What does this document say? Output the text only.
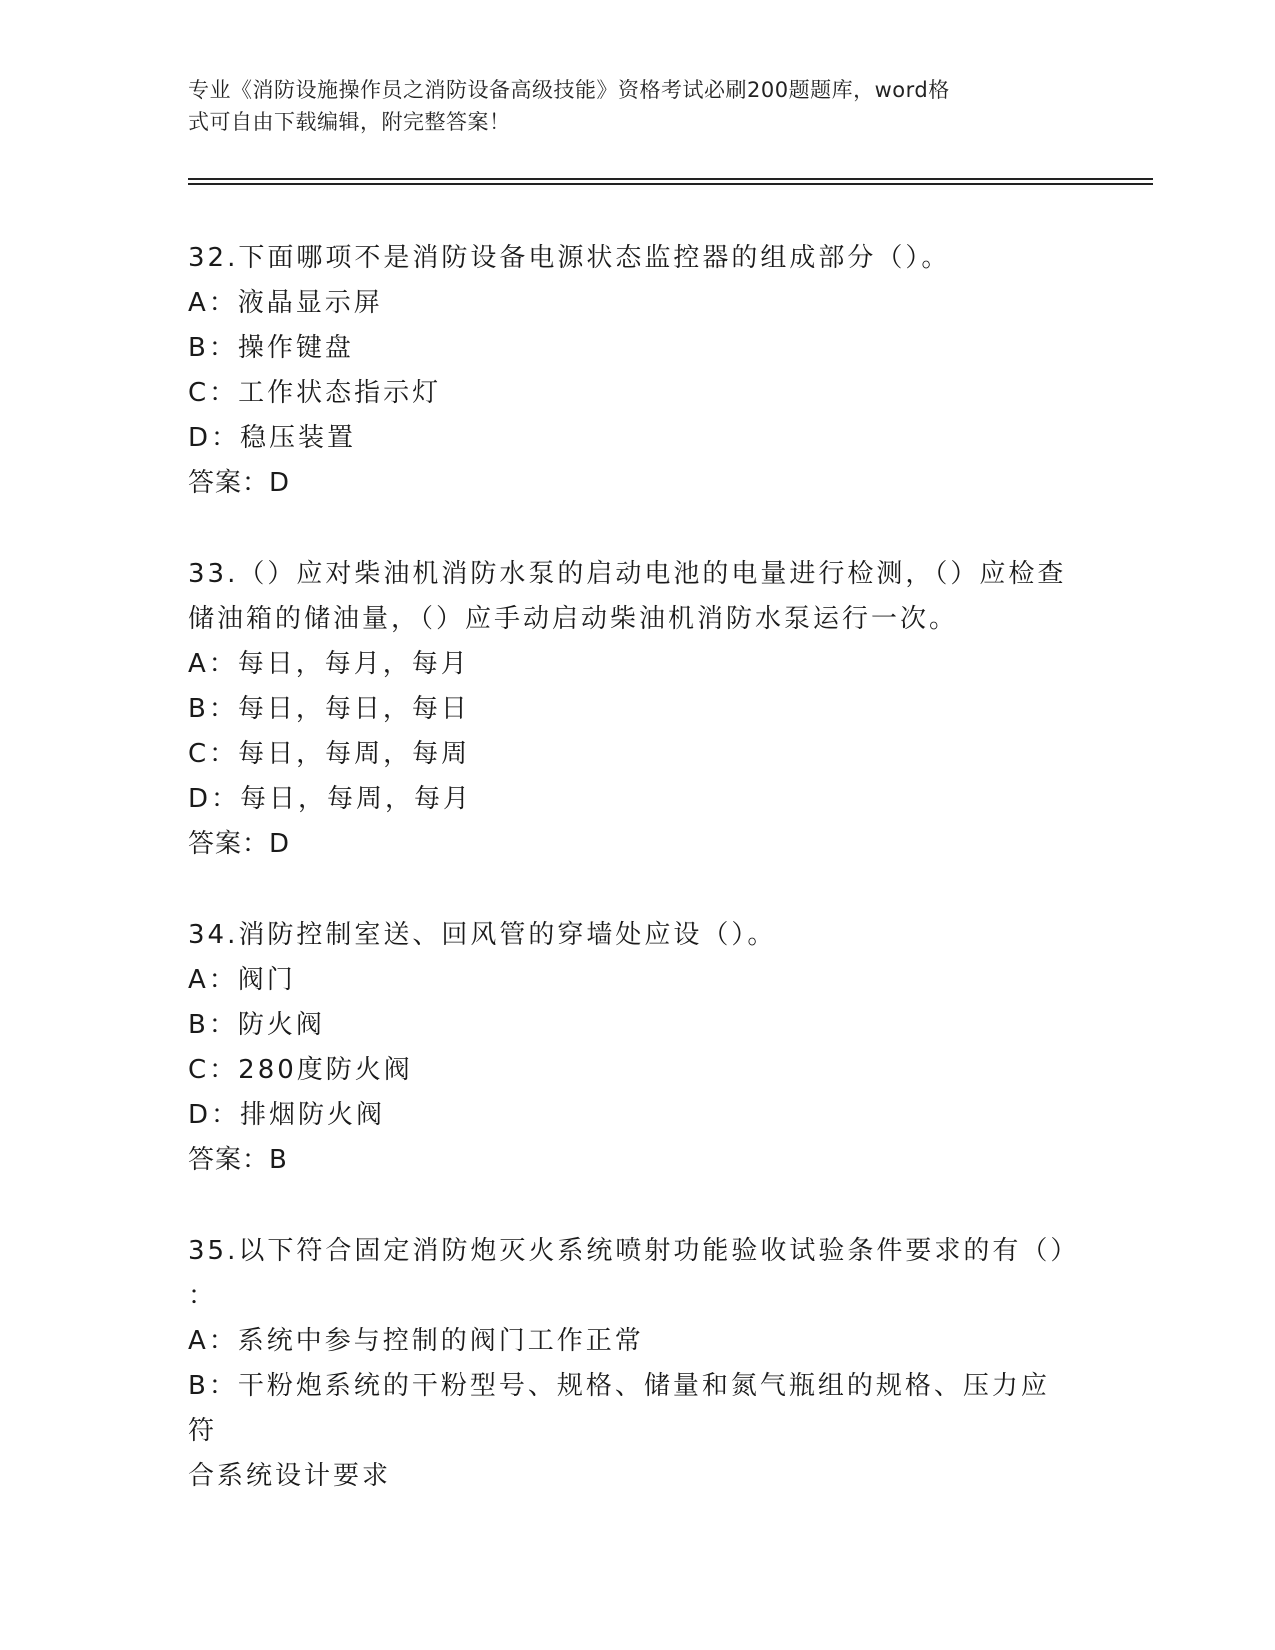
专业《消防设施操作员之消防设备高级技能》资格考试必刷200题题库，word格
式可自由下载编辑，附完整答案！
32.下面哪项不是消防设备电源状态监控器的组成部分（）。
A：液晶显示屏
B：操作键盘
C：工作状态指示灯
D：稳压装置
答案：D
33.（）应对柴油机消防水泵的启动电池的电量进行检测，（）应检查
储油箱的储油量，（）应手动启动柴油机消防水泵运行一次。
A：每日，每月，每月
B：每日，每日，每日
C：每日，每周，每周
D：每日，每周，每月
答案：D
34.消防控制室送、回风管的穿墙处应设（）。
A：阀门
B：防火阀
C：280度防火阀
D：排烟防火阀
答案：B
35.以下符合固定消防炮灭火系统喷射功能验收试验条件要求的有（）
：
A：系统中参与控制的阀门工作正常
B：干粉炮系统的干粉型号、规格、储量和氮气瓶组的规格、压力应符
合系统设计要求
